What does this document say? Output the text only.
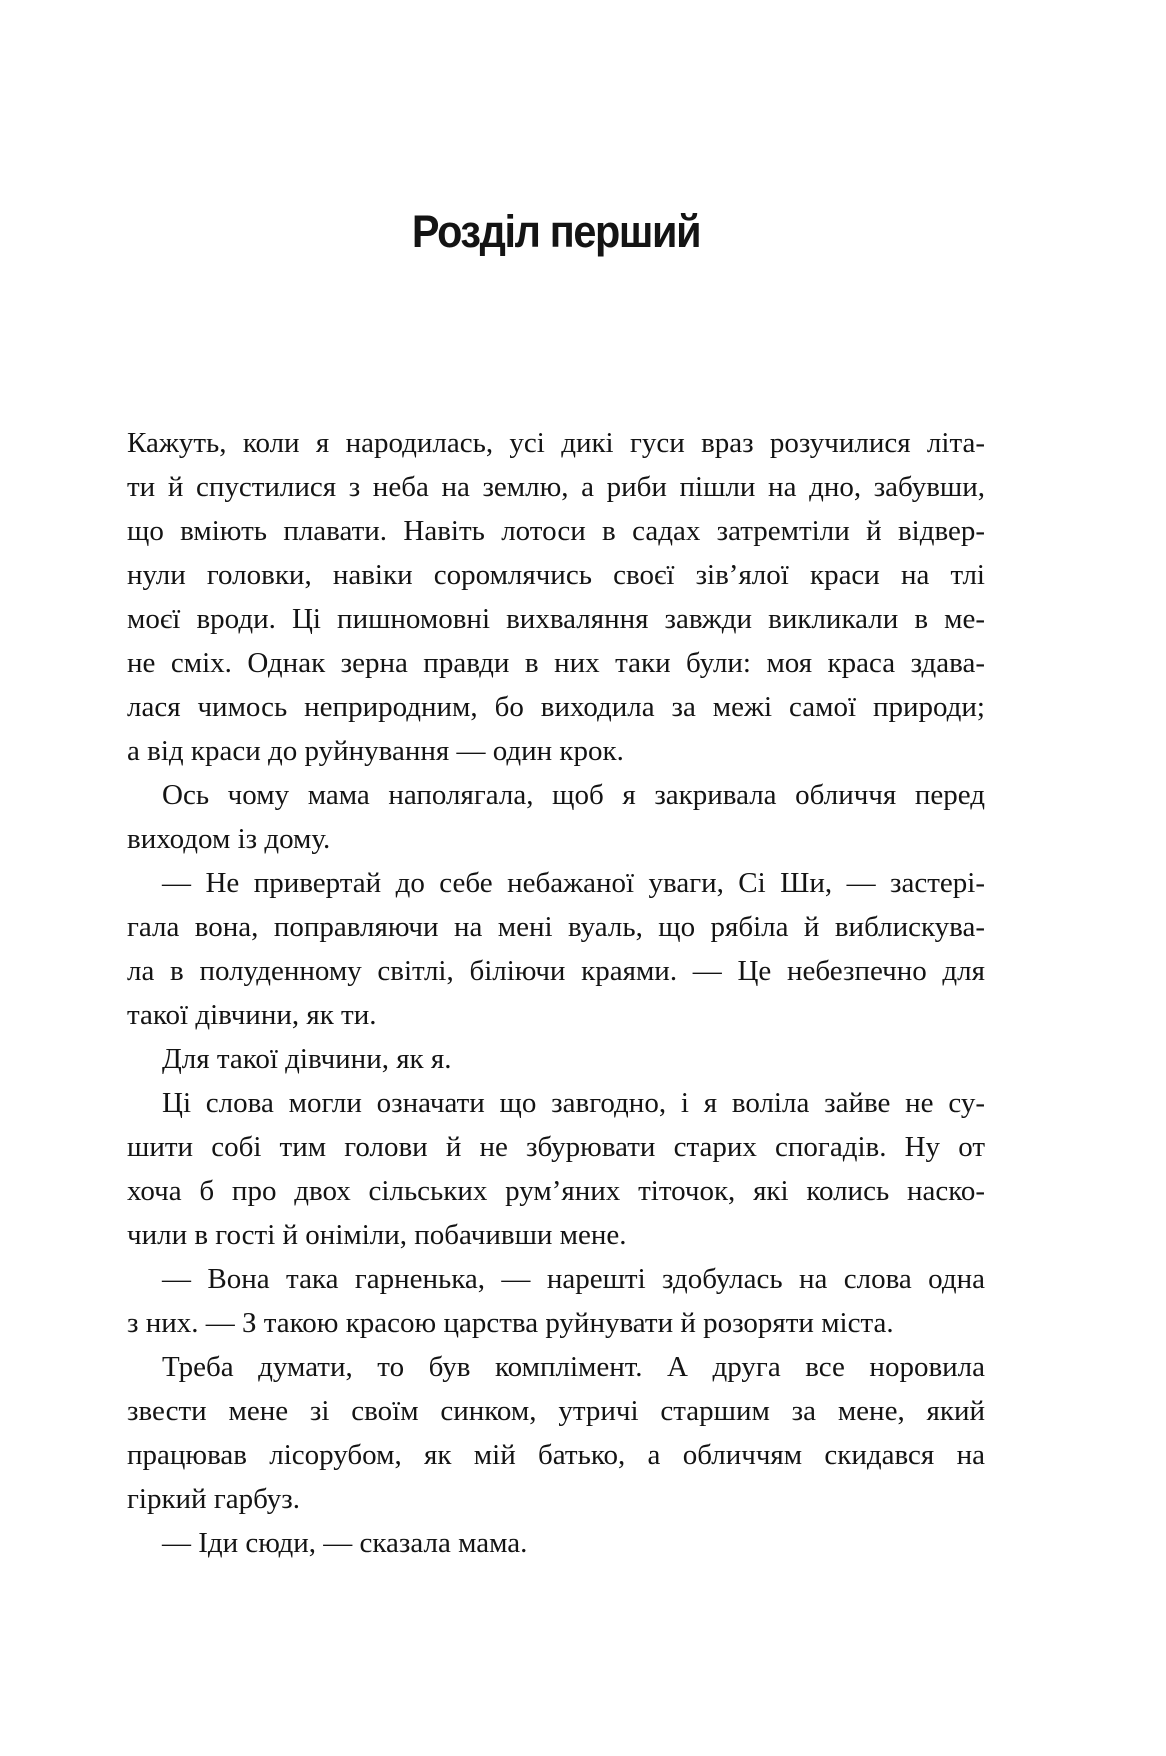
Розділ перший
Кажуть, коли я народилась, усі дикі гуси враз розучилися літа-
ти й спустилися з неба на землю, а риби пішли на дно, забувши,
що вміють плавати. Навіть лотоси в садах затремтіли й відвер-
нули головки, навіки соромлячись своєї зів’ялої краси на тлі
моєї вроди. Ці пишномовні вихваляння завжди викликали в ме-
не сміх. Однак зерна правди в них таки були: моя краса здава-
лася чимось неприродним, бо виходила за межі самої природи;
а від краси до руйнування — один крок.
Ось чому мама наполягала, щоб я закривала обличчя перед
виходом із дому.
— Не привертай до себе небажаної уваги, Сі Ши, — застері-
гала вона, поправляючи на мені вуаль, що рябіла й виблискува-
ла в полуденному світлі, біліючи краями. — Це небезпечно для
такої дівчини, як ти.
Для такої дівчини, як я.
Ці слова могли означати що завгодно, і я воліла зайве не су-
шити собі тим голови й не збурювати старих спогадів. Ну от
хоча б про двох сільських рум’яних тіточок, які колись наско-
чили в гості й оніміли, побачивши мене.
— Вона така гарненька, — нарешті здобулась на слова одна
з них. — З такою красою царства руйнувати й розоряти міста.
Треба думати, то був комплімент. А друга все норовила
звести мене зі своїм синком, утричі старшим за мене, який
працював лісорубом, як мій батько, а обличчям скидався на
гіркий гарбуз.
— Іди сюди, — сказала мама.
